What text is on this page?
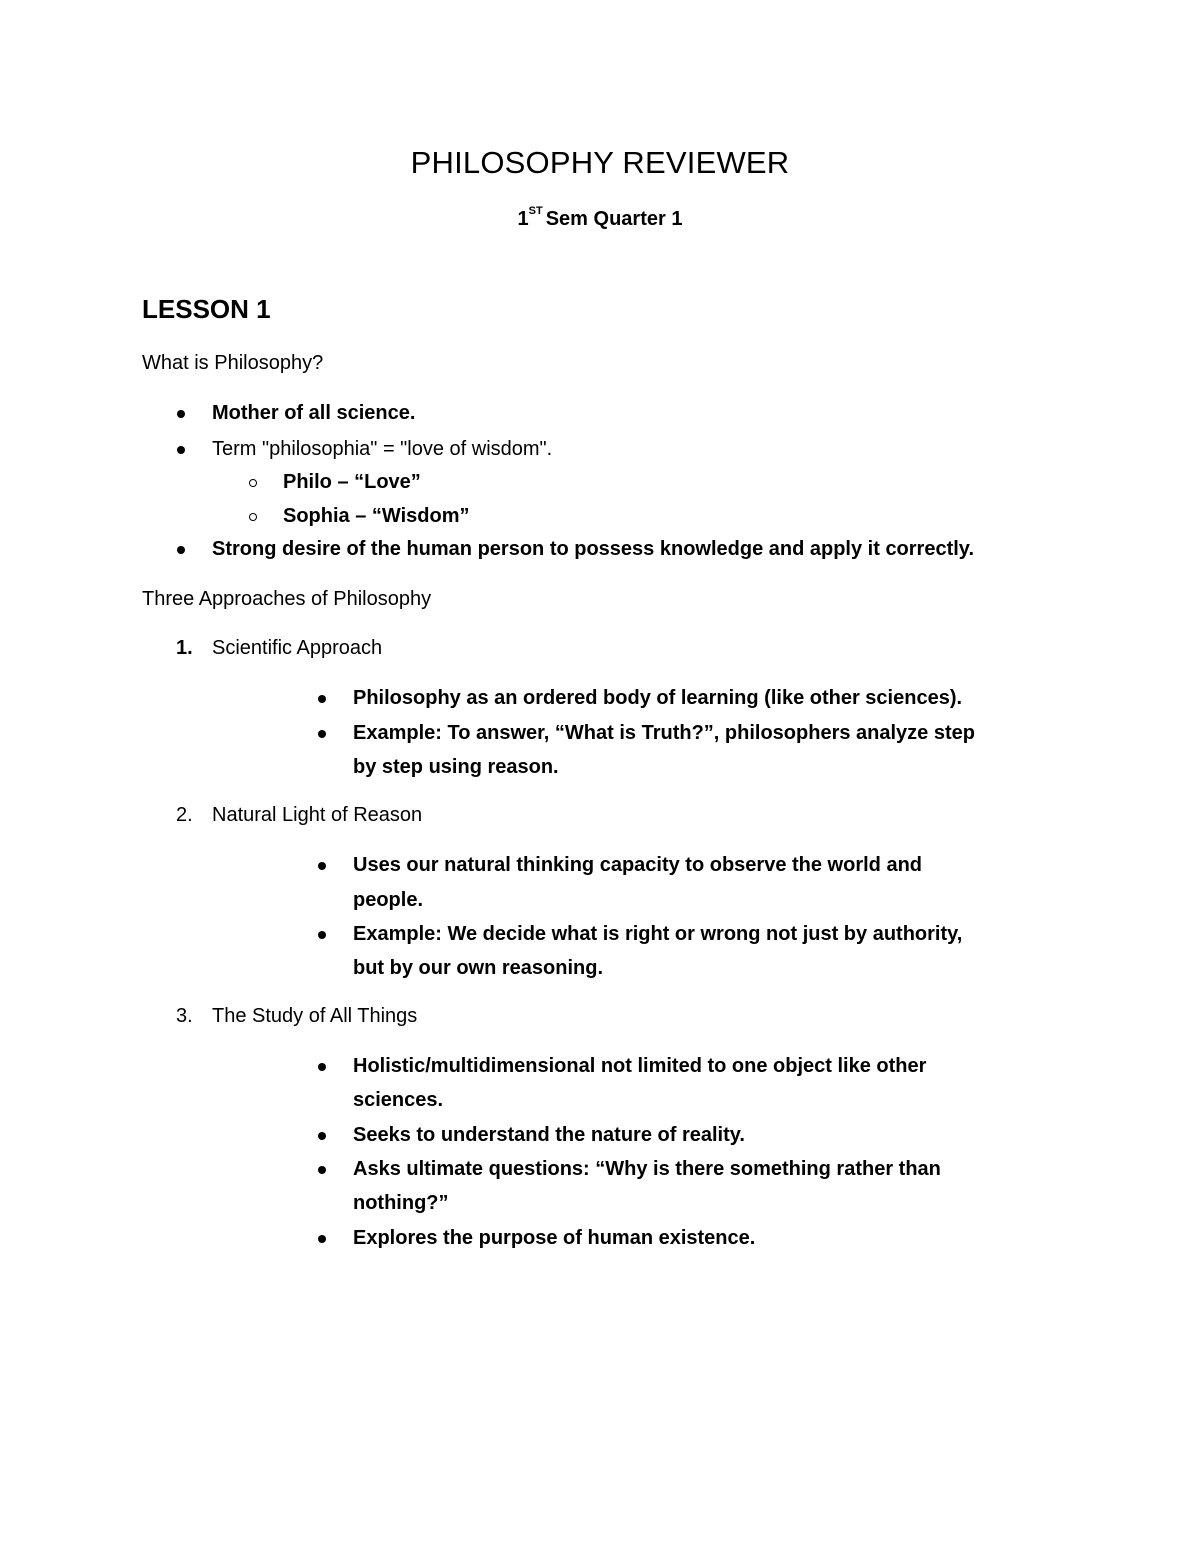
PHILOSOPHY REVIEWER
1ST Sem Quarter 1
LESSON 1
What is Philosophy?
Mother of all science.
Term "philosophia" = "love of wisdom".
Philo – “Love”
Sophia – “Wisdom”
Strong desire of the human person to possess knowledge and apply it correctly.
Three Approaches of Philosophy
1. Scientific Approach
Philosophy as an ordered body of learning (like other sciences).
Example: To answer, “What is Truth?”, philosophers analyze step
by step using reason.
2. Natural Light of Reason
Uses our natural thinking capacity to observe the world and
people.
Example: We decide what is right or wrong not just by authority,
but by our own reasoning.
3. The Study of All Things
Holistic/multidimensional not limited to one object like other
sciences.
Seeks to understand the nature of reality.
Asks ultimate questions: “Why is there something rather than
nothing?”
Explores the purpose of human existence.
